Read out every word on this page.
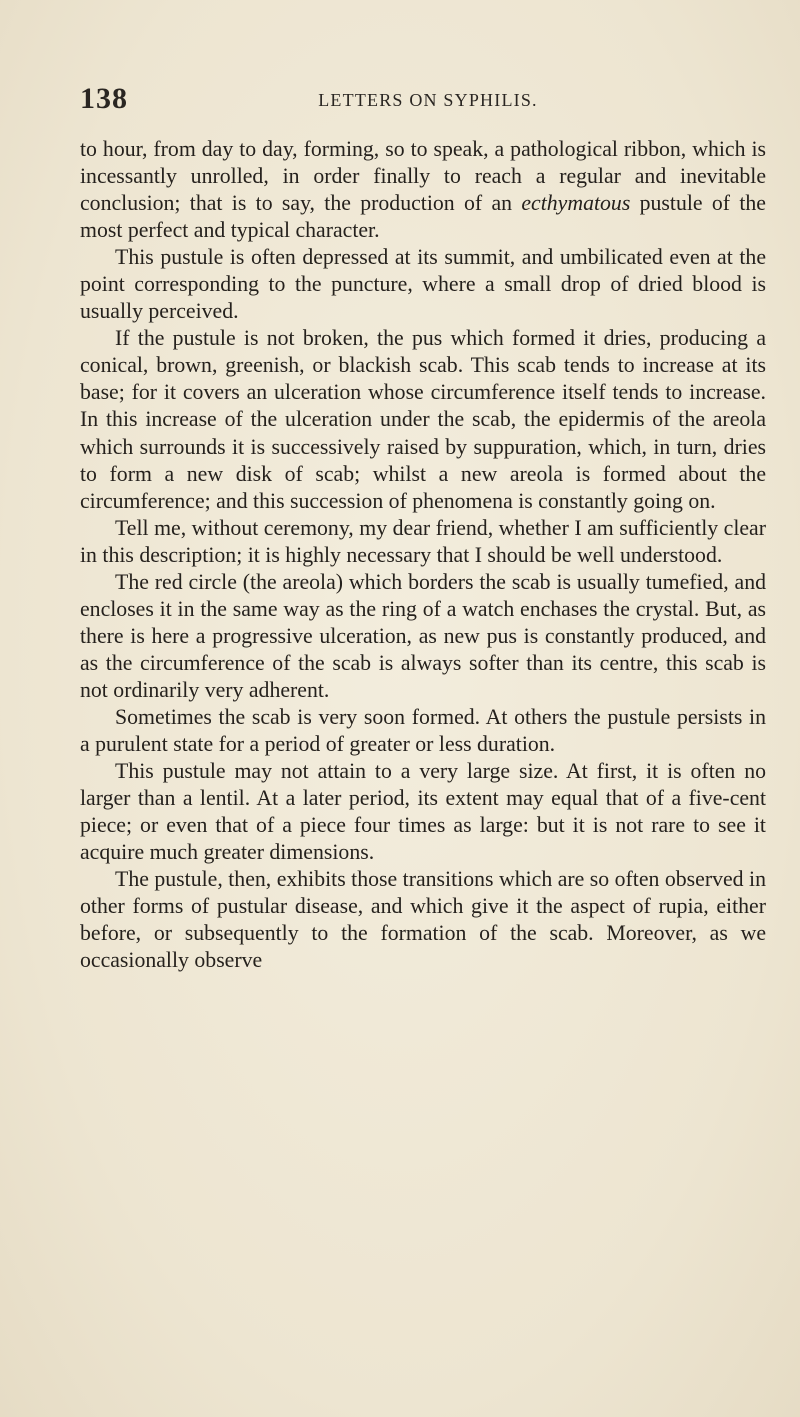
138	LETTERS ON SYPHILIS.

to hour, from day to day, forming, so to speak, a pathological ribbon, which is incessantly unrolled, in order finally to reach a regular and inevitable conclusion; that is to say, the production of an ecthymatous pustule of the most perfect and typical character.

This pustule is often depressed at its summit, and umbilicated even at the point corresponding to the puncture, where a small drop of dried blood is usually perceived.

If the pustule is not broken, the pus which formed it dries, producing a conical, brown, greenish, or blackish scab. This scab tends to increase at its base; for it covers an ulceration whose circumference itself tends to increase. In this increase of the ulceration under the scab, the epidermis of the areola which surrounds it is successively raised by suppuration, which, in turn, dries to form a new disk of scab; whilst a new areola is formed about the circumference; and this succession of phenomena is constantly going on.

Tell me, without ceremony, my dear friend, whether I am sufficiently clear in this description; it is highly necessary that I should be well understood.

The red circle (the areola) which borders the scab is usually tumefied, and encloses it in the same way as the ring of a watch enchases the crystal. But, as there is here a progressive ulceration, as new pus is constantly produced, and as the circumference of the scab is always softer than its centre, this scab is not ordinarily very adherent.

Sometimes the scab is very soon formed. At others the pustule persists in a purulent state for a period of greater or less duration.

This pustule may not attain to a very large size. At first, it is often no larger than a lentil. At a later period, its extent may equal that of a five-cent piece; or even that of a piece four times as large: but it is not rare to see it acquire much greater dimensions.

The pustule, then, exhibits those transitions which are so often observed in other forms of pustular disease, and which give it the aspect of rupia, either before, or subsequently to the formation of the scab. Moreover, as we occasionally observe
